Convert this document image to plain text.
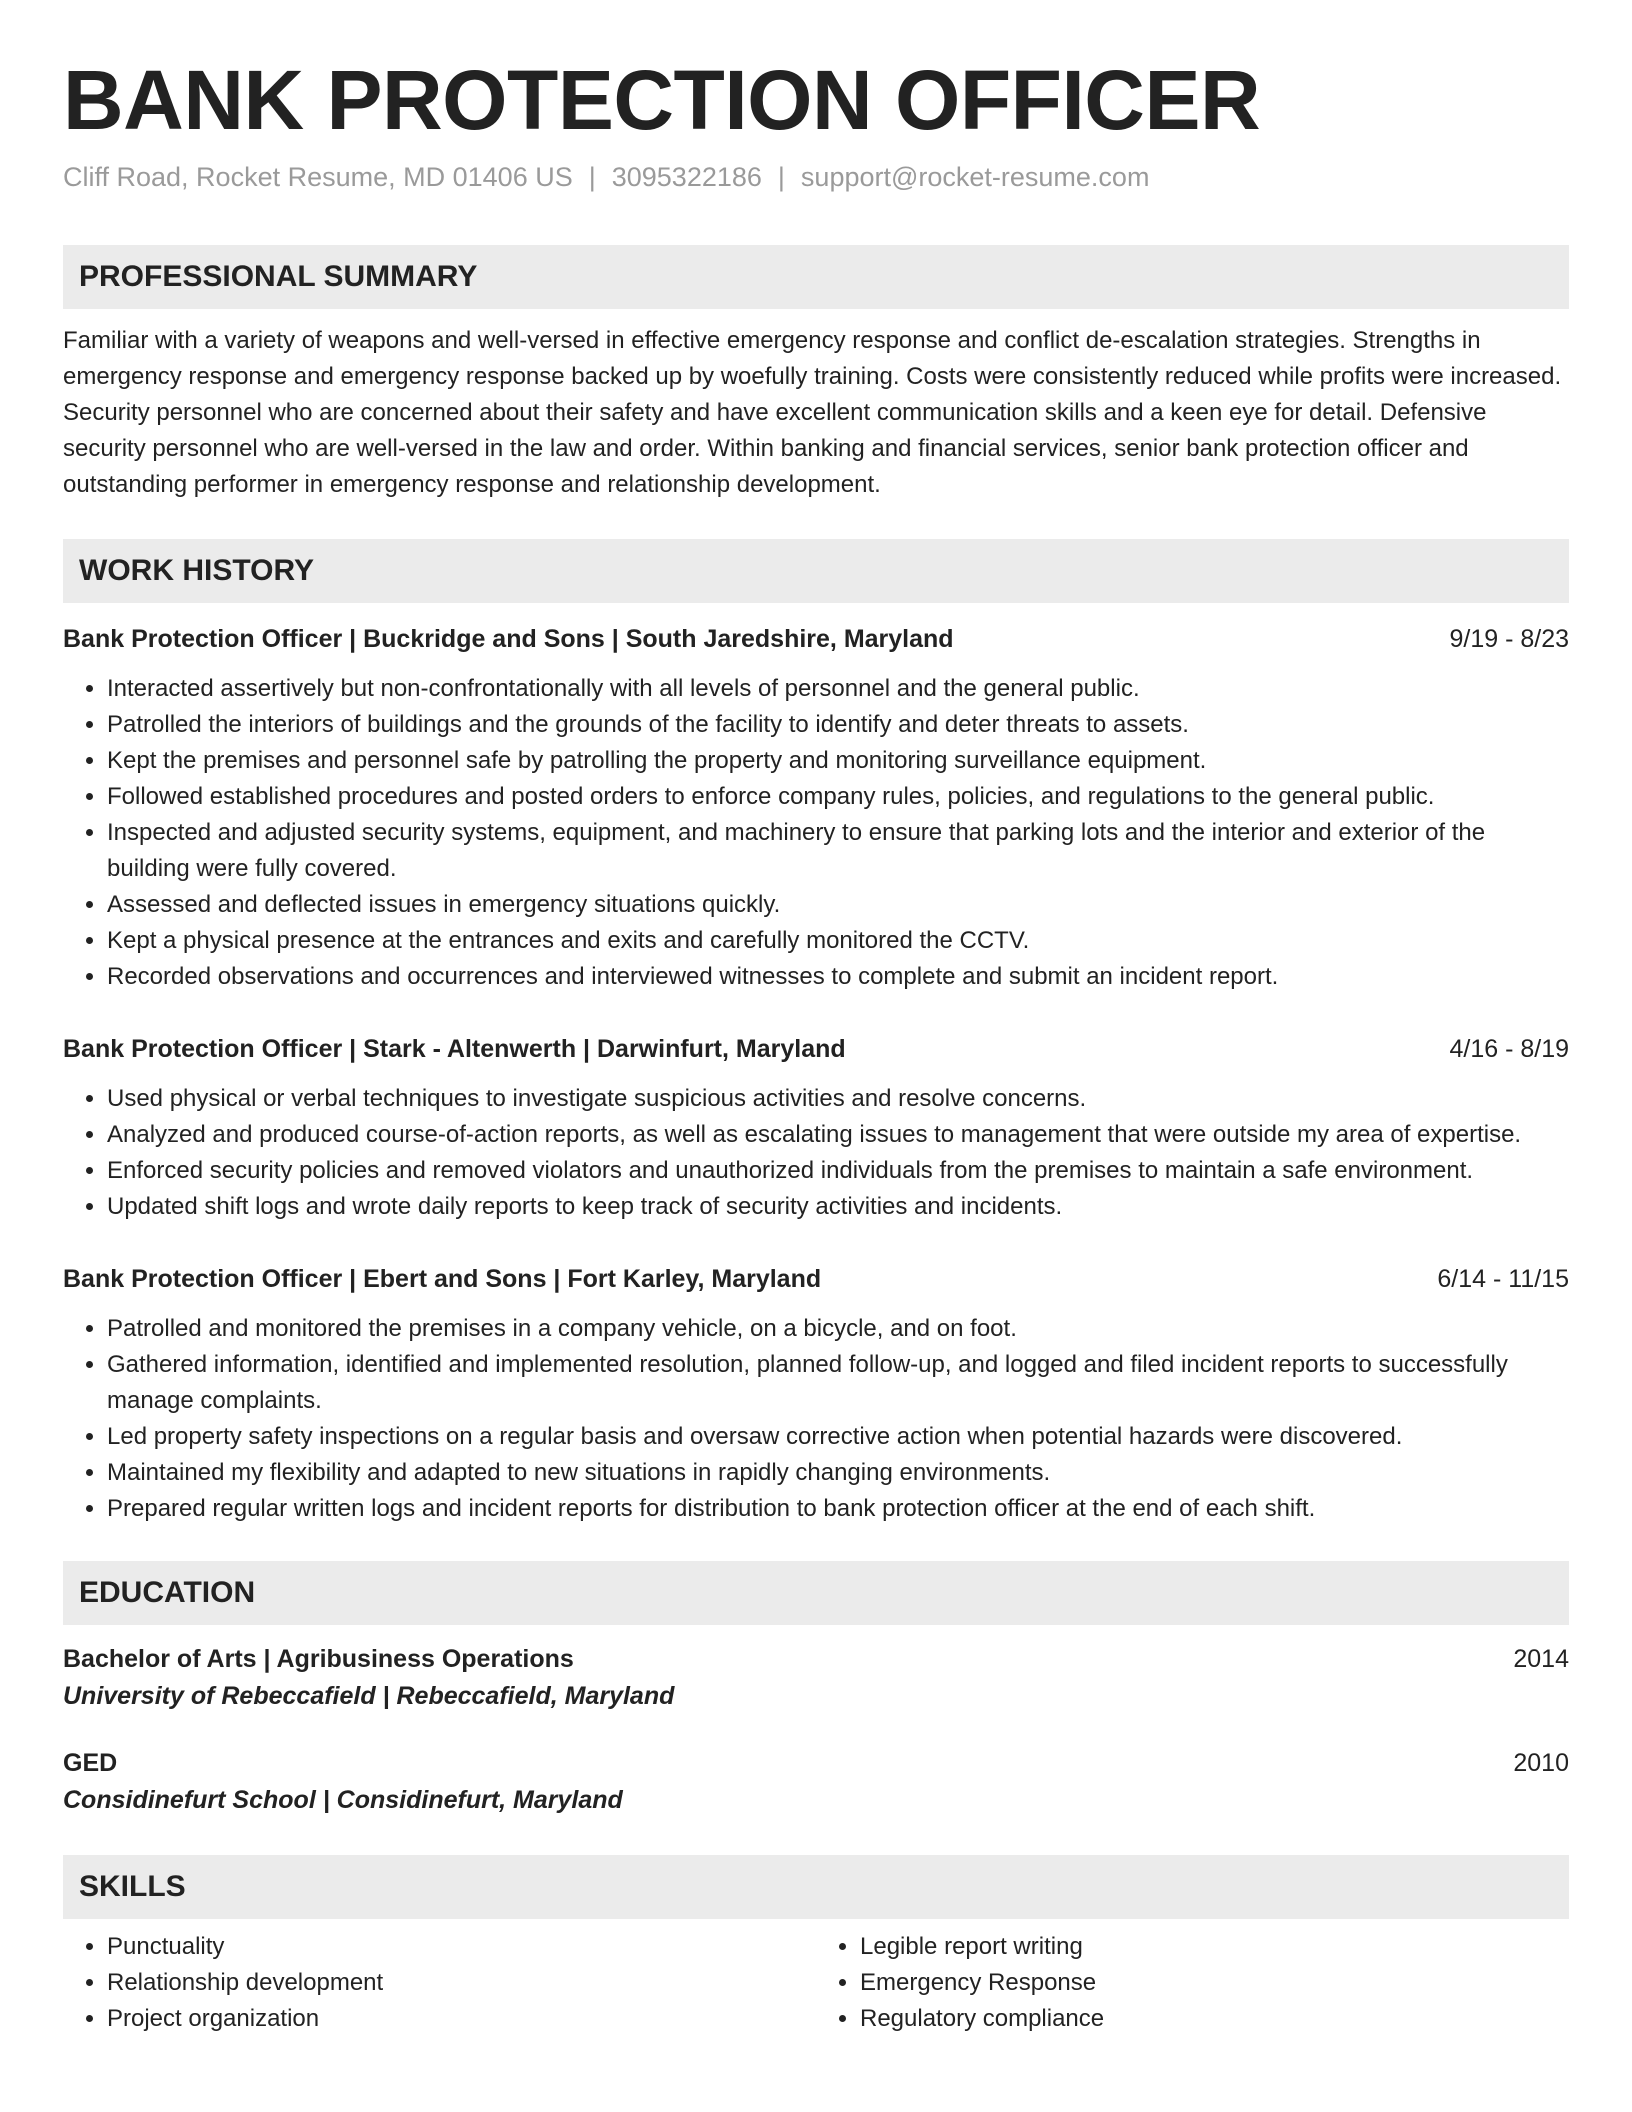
BANK PROTECTION OFFICER
Cliff Road, Rocket Resume, MD 01406 US | 3095322186 | support@rocket-resume.com
PROFESSIONAL SUMMARY
Familiar with a variety of weapons and well-versed in effective emergency response and conflict de-escalation strategies. Strengths in emergency response and emergency response backed up by woefully training. Costs were consistently reduced while profits were increased. Security personnel who are concerned about their safety and have excellent communication skills and a keen eye for detail. Defensive security personnel who are well-versed in the law and order. Within banking and financial services, senior bank protection officer and outstanding performer in emergency response and relationship development.
WORK HISTORY
Bank Protection Officer | Buckridge and Sons | South Jaredshire, Maryland	9/19 - 8/23
• Interacted assertively but non-confrontationally with all levels of personnel and the general public.
• Patrolled the interiors of buildings and the grounds of the facility to identify and deter threats to assets.
• Kept the premises and personnel safe by patrolling the property and monitoring surveillance equipment.
• Followed established procedures and posted orders to enforce company rules, policies, and regulations to the general public.
• Inspected and adjusted security systems, equipment, and machinery to ensure that parking lots and the interior and exterior of the building were fully covered.
• Assessed and deflected issues in emergency situations quickly.
• Kept a physical presence at the entrances and exits and carefully monitored the CCTV.
• Recorded observations and occurrences and interviewed witnesses to complete and submit an incident report.
Bank Protection Officer | Stark - Altenwerth | Darwinfurt, Maryland	4/16 - 8/19
• Used physical or verbal techniques to investigate suspicious activities and resolve concerns.
• Analyzed and produced course-of-action reports, as well as escalating issues to management that were outside my area of expertise.
• Enforced security policies and removed violators and unauthorized individuals from the premises to maintain a safe environment.
• Updated shift logs and wrote daily reports to keep track of security activities and incidents.
Bank Protection Officer | Ebert and Sons | Fort Karley, Maryland	6/14 - 11/15
• Patrolled and monitored the premises in a company vehicle, on a bicycle, and on foot.
• Gathered information, identified and implemented resolution, planned follow-up, and logged and filed incident reports to successfully manage complaints.
• Led property safety inspections on a regular basis and oversaw corrective action when potential hazards were discovered.
• Maintained my flexibility and adapted to new situations in rapidly changing environments.
• Prepared regular written logs and incident reports for distribution to bank protection officer at the end of each shift.
EDUCATION
Bachelor of Arts | Agribusiness Operations	2014
University of Rebeccafield | Rebeccafield, Maryland
GED	2010
Considinefurt School | Considinefurt, Maryland
SKILLS
• Punctuality
• Relationship development
• Project organization
• Legible report writing
• Emergency Response
• Regulatory compliance
